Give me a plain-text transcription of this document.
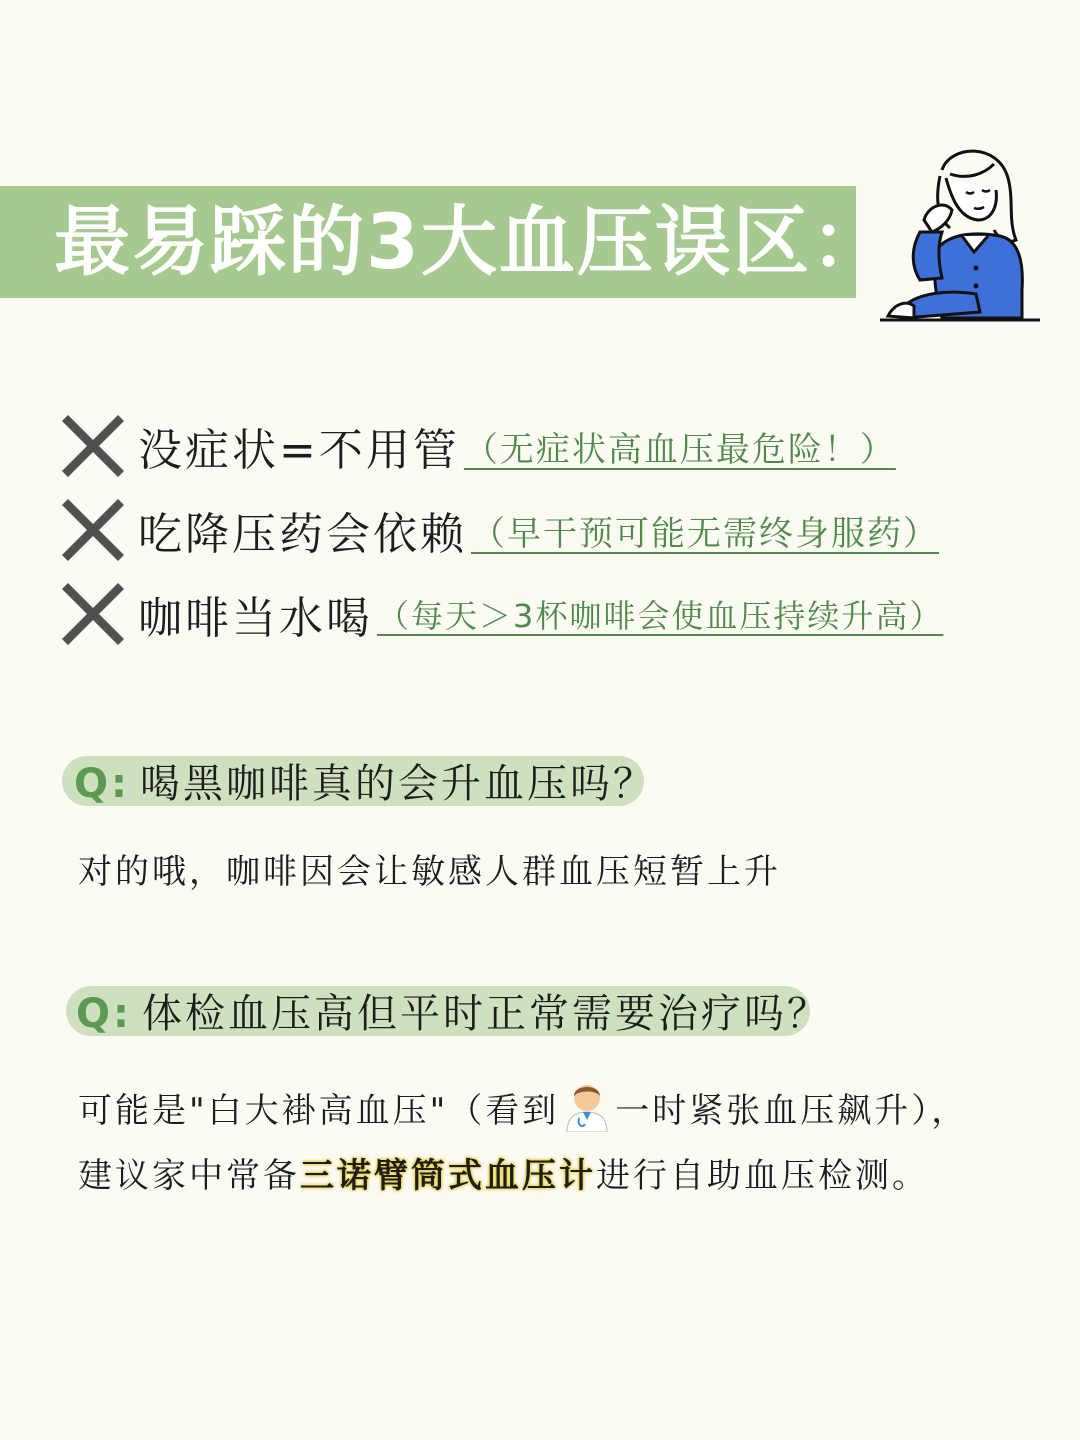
最易踩的3大血压误区：
没症状=不用管 （无症状高血压最危险！）
吃降压药会依赖 （早干预可能无需终身服药）
咖啡当水喝 （每天＞3杯咖啡会使血压持续升高）
Q: 喝黑咖啡真的会升血压吗？
对的哦，咖啡因会让敏感人群血压短暂上升
Q: 体检血压高但平时正常需要治疗吗？
可能是"白大褂高血压"（看到 一时紧张血压飙升），
建议家中常备三诺臂筒式血压计进行自助血压检测。
